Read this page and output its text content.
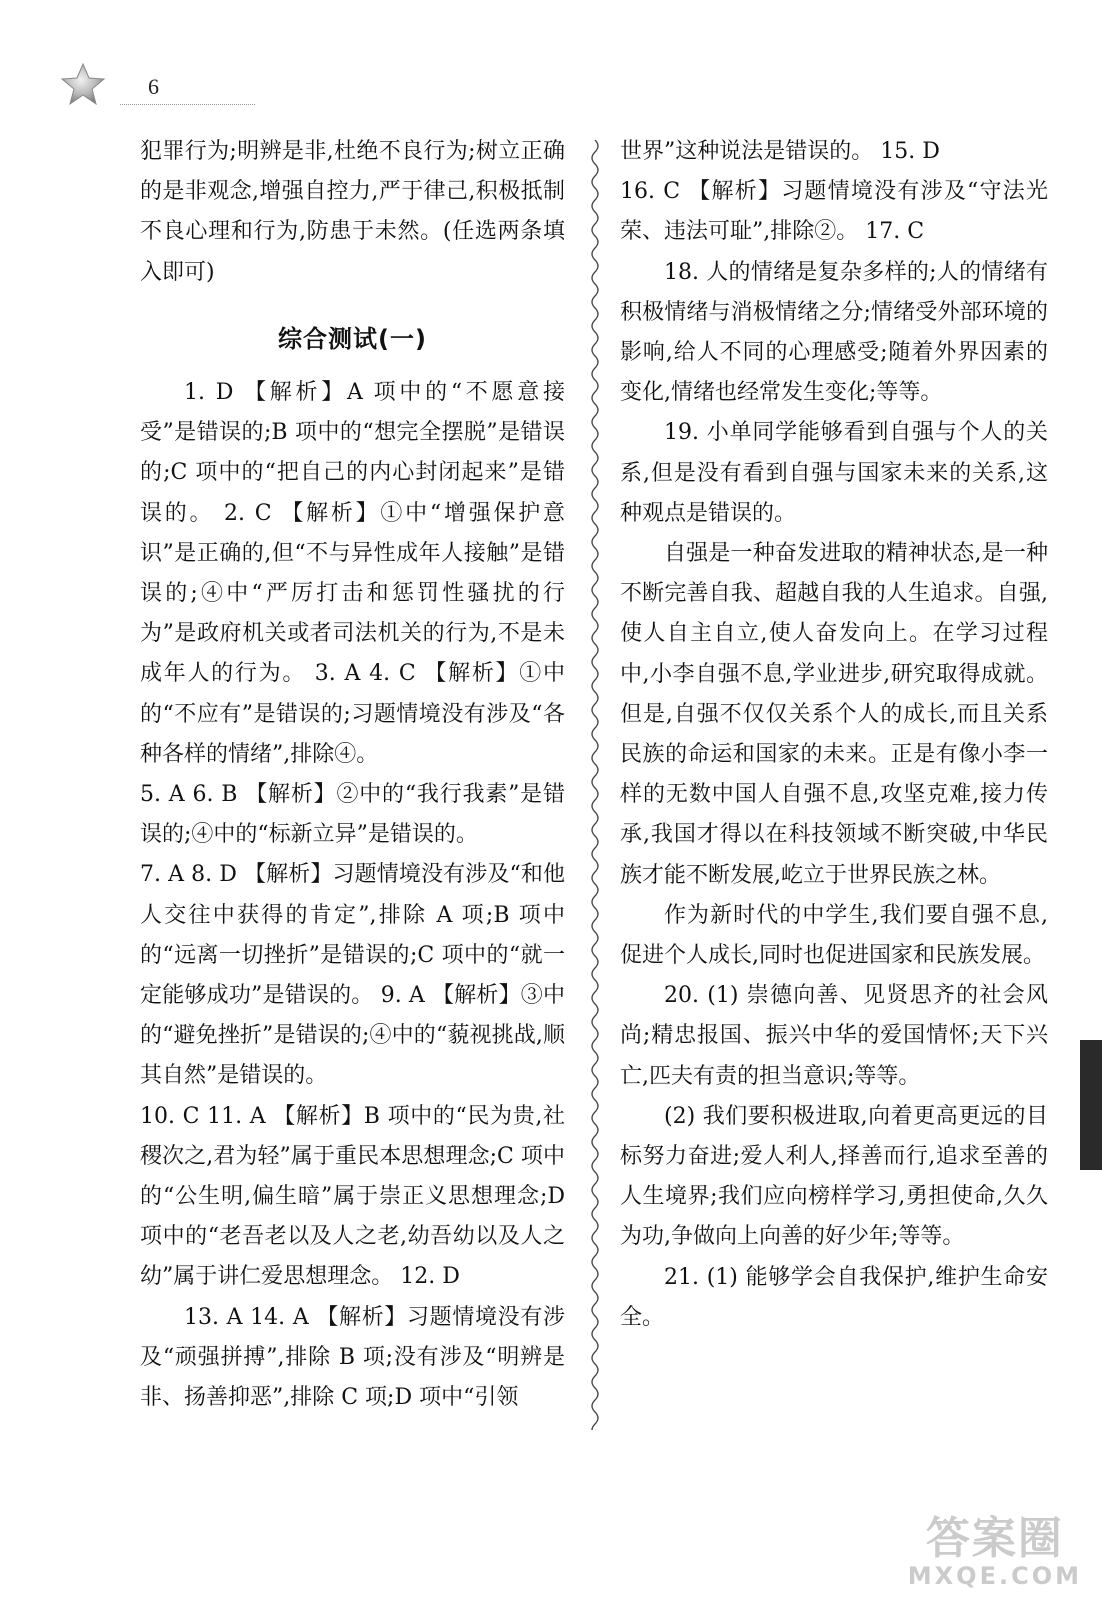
6

犯罪行为;明辨是非,杜绝不良行为;树立正确的是非观念,增强自控力,严于律己,积极抵制不良心理和行为,防患于未然。(任选两条填入即可)

综合测试(一)

1. D 【解析】A 项中的“不愿意接受”是错误的;B 项中的“想完全摆脱”是错误的;C 项中的“把自己的内心封闭起来”是错误的。 2. C 【解析】①中“增强保护意识”是正确的,但“不与异性成年人接触”是错误的;④中“严厉打击和惩罚性骚扰的行为”是政府机关或者司法机关的行为,不是未成年人的行为。 3. A 4. C 【解析】①中的“不应有”是错误的;习题情境没有涉及“各种各样的情绪”,排除④。

5. A 6. B 【解析】②中的“我行我素”是错误的;④中的“标新立异”是错误的。

7. A 8. D 【解析】习题情境没有涉及“和他人交往中获得的肯定”,排除 A 项;B 项中的“远离一切挫折”是错误的;C 项中的“就一定能够成功”是错误的。 9. A 【解析】③中的“避免挫折”是错误的;④中的“藐视挑战,顺其自然”是错误的。

10. C 11. A 【解析】B 项中的“民为贵,社稷次之,君为轻”属于重民本思想理念;C 项中的“公生明,偏生暗”属于崇正义思想理念;D 项中的“老吾老以及人之老,幼吾幼以及人之幼”属于讲仁爱思想理念。 12. D

13. A 14. A 【解析】习题情境没有涉及“顽强拼搏”,排除 B 项;没有涉及“明辨是非、扬善抑恶”,排除 C 项;D 项中“引领

世界”这种说法是错误的。 15. D

16. C 【解析】习题情境没有涉及“守法光荣、违法可耻”,排除②。 17. C

18. 人的情绪是复杂多样的;人的情绪有积极情绪与消极情绪之分;情绪受外部环境的影响,给人不同的心理感受;随着外界因素的变化,情绪也经常发生变化;等等。

19. 小单同学能够看到自强与个人的关系,但是没有看到自强与国家未来的关系,这种观点是错误的。

自强是一种奋发进取的精神状态,是一种不断完善自我、超越自我的人生追求。自强,使人自主自立,使人奋发向上。在学习过程中,小李自强不息,学业进步,研究取得成就。但是,自强不仅仅关系个人的成长,而且关系民族的命运和国家的未来。正是有像小李一样的无数中国人自强不息,攻坚克难,接力传承,我国才得以在科技领域不断突破,中华民族才能不断发展,屹立于世界民族之林。

作为新时代的中学生,我们要自强不息,促进个人成长,同时也促进国家和民族发展。

20. (1) 崇德向善、见贤思齐的社会风尚;精忠报国、振兴中华的爱国情怀;天下兴亡,匹夫有责的担当意识;等等。

(2) 我们要积极进取,向着更高更远的目标努力奋进;爱人利人,择善而行,追求至善的人生境界;我们应向榜样学习,勇担使命,久久为功,争做向上向善的好少年;等等。

21. (1) 能够学会自我保护,维护生命安全。

答案圈
MXQE.COM
